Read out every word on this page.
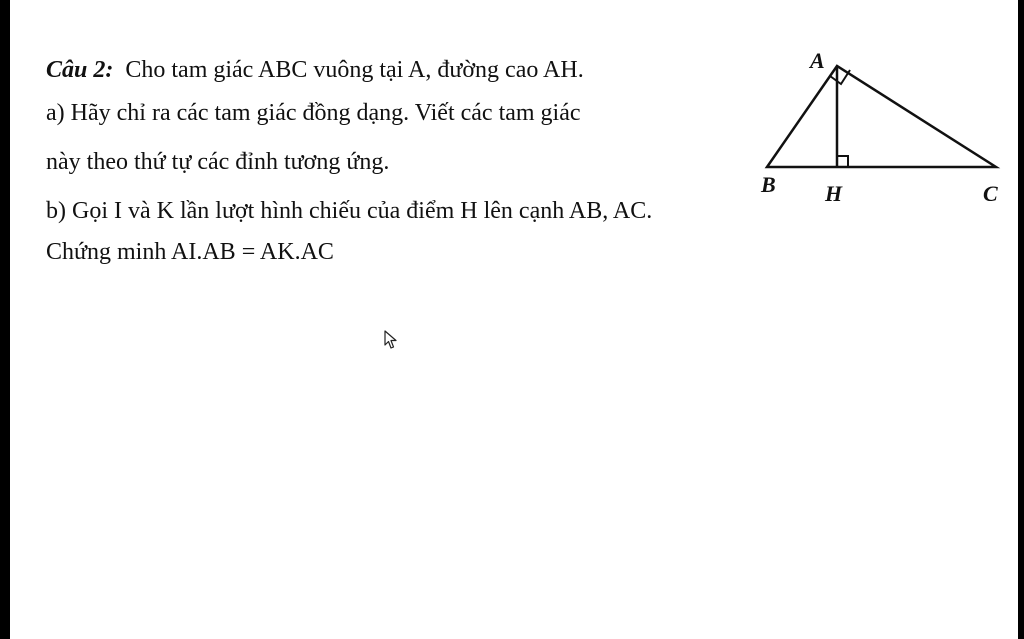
Câu 2: Cho tam giác ABC vuông tại A, đường cao AH.

a) Hãy chỉ ra các tam giác đồng dạng. Viết các tam giác

này theo thứ tự các đỉnh tương ứng.

b) Gọi I và K lần lượt hình chiếu của điểm H lên cạnh AB, AC.

Chứng minh AI.AB = AK.AC

A
B H	C
